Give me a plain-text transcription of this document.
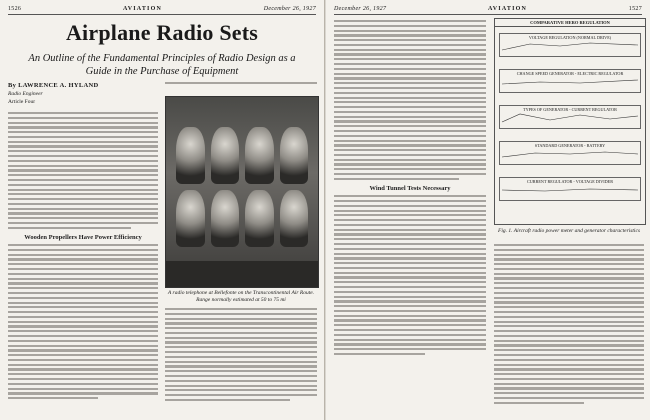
1526	AVIATION	December 26, 1927
Airplane Radio Sets
An Outline of the Fundamental Principles of Radio Design as a Guide in the Purchase of Equipment
By LAWRENCE A. HYLAND
Radio Engineer
Article Four
Wooden Propellers Have Power Efficiency
A radio telephone at Bellefonte on the Transcontinental Air Route. Range normally estimated at 50 to 75 mi
December 26, 1927	AVIATION	1527
Wind Tunnel Tests Necessary
COMPARATIVE HERO REGULATION
VOLTAGE REGULATION (NORMAL DRIVE)
CHANGE SPEED GENERATOR - ELECTRIC REGULATOR
TYPES OF GENERATOR - CURRENT REGULATOR
STANDARD GENERATOR - BATTERY
CURRENT REGULATOR - VOLTAGE DIVIDER
Fig. 1. Aircraft radio power meter and generator characteristics
